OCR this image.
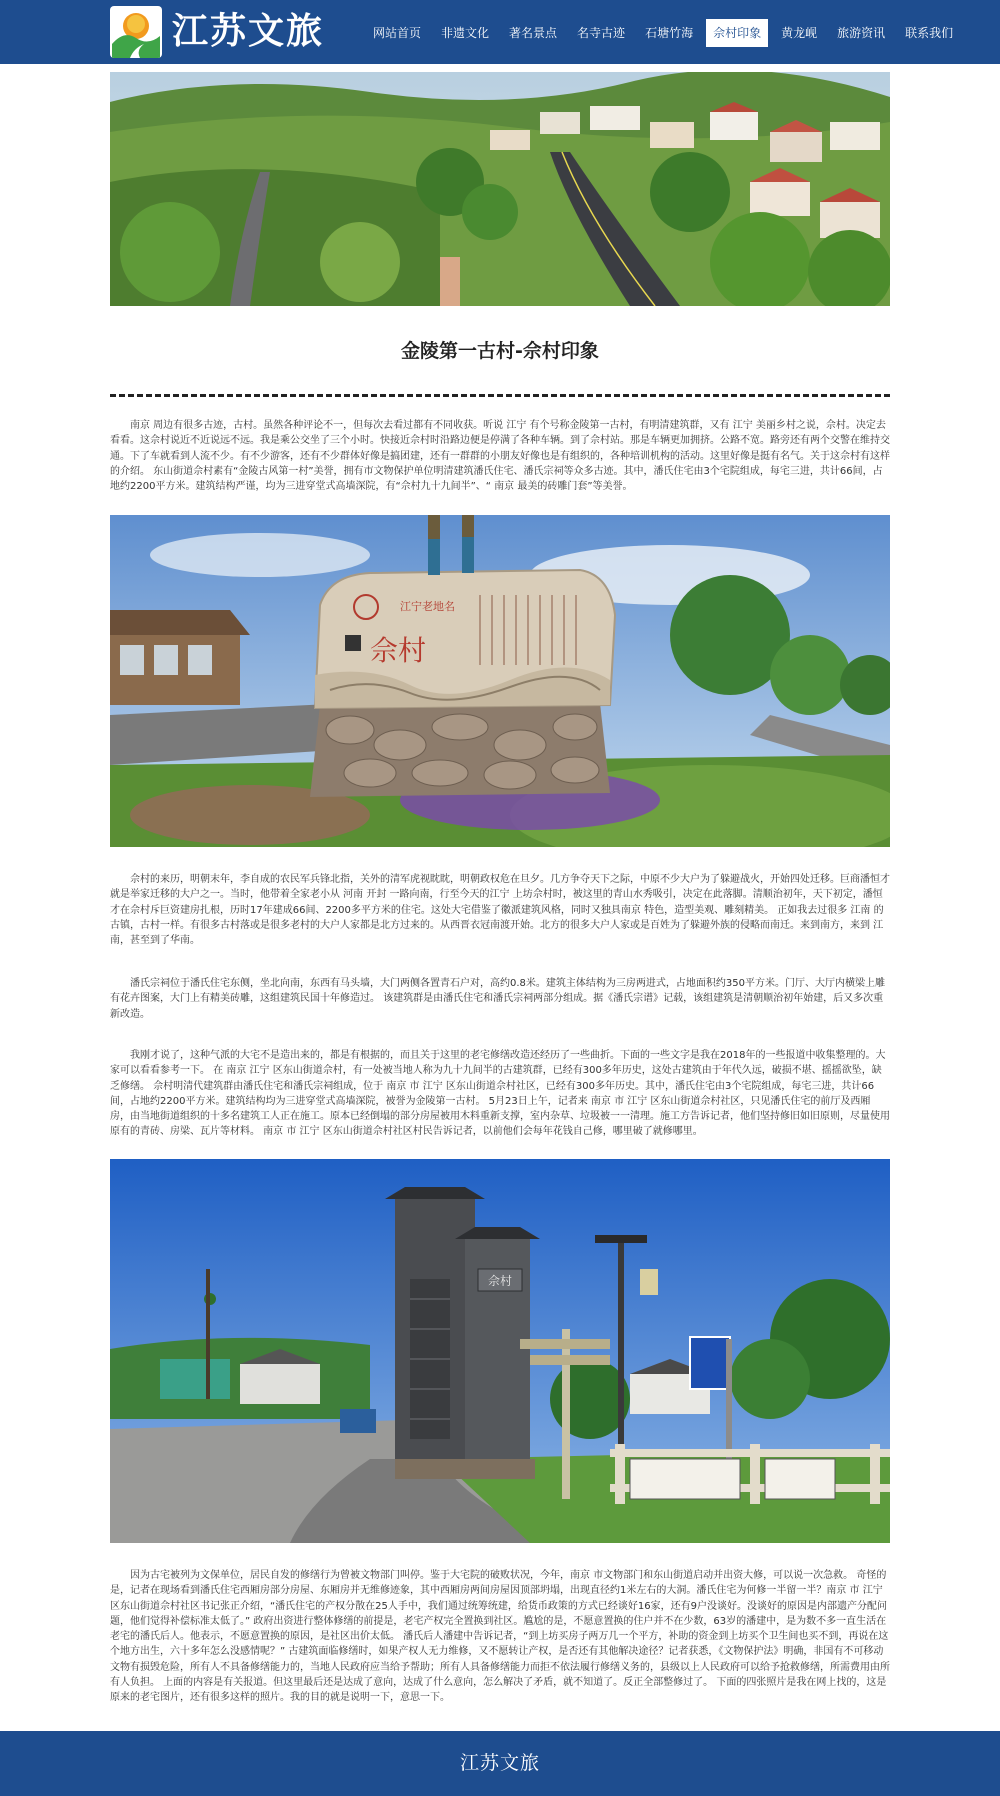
江苏文旅	网站首页	非遗文化	著名景点	名寺古迹	石塘竹海	佘村印象	黄龙岘	旅游资讯	联系我们
金陵第一古村-佘村印象

南京 周边有很多古迹，古村。虽然各种评论不一，但每次去看过都有不同收获。听说 江宁 有个号称金陵第一古村，有明清建筑群，又有 江宁 美丽乡村之说，佘村。决定去看看。这佘村说近不近说远不远。我是乘公交坐了三个小时。快接近佘村时沿路边便是停满了各种车辆。到了佘村站。那是车辆更加拥挤。公路不宽。路旁还有两个交警在维持交通。下了车就看到人流不少。有不少游客，还有不少群体好像是搞团建，还有一群群的小朋友好像也是有组织的，各种培训机构的活动。这里好像是挺有名气。关于这佘村有这样的介绍。 东山街道佘村素有“金陵古风第一村”美誉，拥有市文物保护单位明清建筑潘氏住宅、潘氏宗祠等众多古迹。其中，潘氏住宅由3个宅院组成，每宅三进，共计66间，占地约2200平方米。建筑结构严谨，均为三进穿堂式高墙深院，有“佘村九十九间半”、“ 南京 最美的砖雕门套”等美誉。

江宁老地名
佘村

佘村的来历，明朝末年，李自成的农民军兵锋北指，关外的清军虎视眈眈，明朝政权危在旦夕。几方争夺天下之际，中原不少大户为了躲避战火，开始四处迁移。巨商潘恒才就是举家迁移的大户之一。当时，他带着全家老小从 河南 开封 一路向南，行至今天的江宁 上坊佘村时，被这里的青山水秀吸引，决定在此落脚。清顺治初年，天下初定，潘恒才在佘村斥巨资建房扎根，历时17年建成66间、2200多平方米的住宅。这处大宅借鉴了徽派建筑风格，同时又独具南京 特色，造型美观、雕刻精美。 正如我去过很多 江南 的古镇，古村一样。有很多古村落或是很多老村的大户人家都是北方过来的。从西晋衣冠南渡开始。北方的很多大户人家或是百姓为了躲避外族的侵略而南迁。来到南方，来到 江南，甚至到了华南。

潘氏宗祠位于潘氏住宅东侧，坐北向南，东西有马头墙，大门两侧各置青石户对，高约0.8米。建筑主体结构为三房两进式，占地面积约350平方米。门厅、大厅内横梁上雕有花卉图案，大门上有精美砖雕，这组建筑民国十年修造过。 该建筑群是由潘氏住宅和潘氏宗祠两部分组成。据《潘氏宗谱》记载，该组建筑是清朝顺治初年始建，后又多次重新改造。

我刚才说了，这种气派的大宅不是造出来的，都是有根据的，而且关于这里的老宅修缮改造还经历了一些曲折。下面的一些文字是我在2018年的一些报道中收集整理的。大家可以看看参考一下。 在 南京 江宁 区东山街道佘村，有一处被当地人称为九十九间半的古建筑群，已经有300多年历史，这处古建筑由于年代久远，破损不堪、摇摇欲坠，缺乏修缮。 佘村明清代建筑群由潘氏住宅和潘氏宗祠组成，位于 南京 市 江宁 区东山街道佘村社区，已经有300多年历史。其中，潘氏住宅由3个宅院组成，每宅三进，共计66间，占地约2200平方米。建筑结构均为三进穿堂式高墙深院，被誉为金陵第一古村。 5月23日上午，记者来 南京 市 江宁 区东山街道佘村社区，只见潘氏住宅的前厅及西厢房，由当地街道组织的十多名建筑工人正在施工。原本已经倒塌的部分房屋被用木料重新支撑，室内杂草、垃圾被一一清理。施工方告诉记者，他们坚持修旧如旧原则，尽量使用原有的青砖、房梁、瓦片等材料。 南京 市 江宁 区东山街道佘村社区村民告诉记者，以前他们会每年花钱自己修，哪里破了就修哪里。

佘村

因为古宅被列为文保单位，居民自发的修缮行为曾被文物部门叫停。鉴于大宅院的破败状况，今年，南京 市文物部门和东山街道启动并出资大修，可以说一次急救。 奇怪的是，记者在现场看到潘氏住宅西厢房部分房屋、东厢房并无维修迹象，其中西厢房两间房屋因顶部坍塌，出现直径约1米左右的大洞。潘氏住宅为何修一半留一半？南京 市 江宁 区东山街道佘村社区书记张正介绍，“潘氏住宅的产权分散在25人手中，我们通过统筹统建，给货币政策的方式已经谈好16家，还有9户没谈好。没谈好的原因是内部遗产分配问题，他们觉得补偿标准太低了。” 政府出资进行整体修缮的前提是，老宅产权完全置换到社区。尴尬的是，不愿意置换的住户并不在少数，63岁的潘建中，是为数不多一直生活在老宅的潘氏后人。他表示，不愿意置换的原因，是社区出价太低。 潘氏后人潘建中告诉记者，“到上坊买房子两万几一个平方，补助的资金到上坊买个卫生间也买不到，再说在这个地方出生，六十多年怎么没感情呢？” 古建筑面临修缮时，如果产权人无力维修，又不愿转让产权，是否还有其他解决途径？记者获悉，《文物保护法》明确，非国有不可移动文物有损毁危险，所有人不具备修缮能力的，当地人民政府应当给予帮助；所有人具备修缮能力而拒不依法履行修缮义务的，县级以上人民政府可以给予抢救修缮，所需费用由所有人负担。 上面的内容是有关报道。但这里最后还是达成了意向，达成了什么意向，怎么解决了矛盾，就不知道了。反正全部整修过了。 下面的四张照片是我在网上找的，这是原来的老宅图片，还有很多这样的照片。我的目的就是说明一下，意思一下。

江苏文旅
